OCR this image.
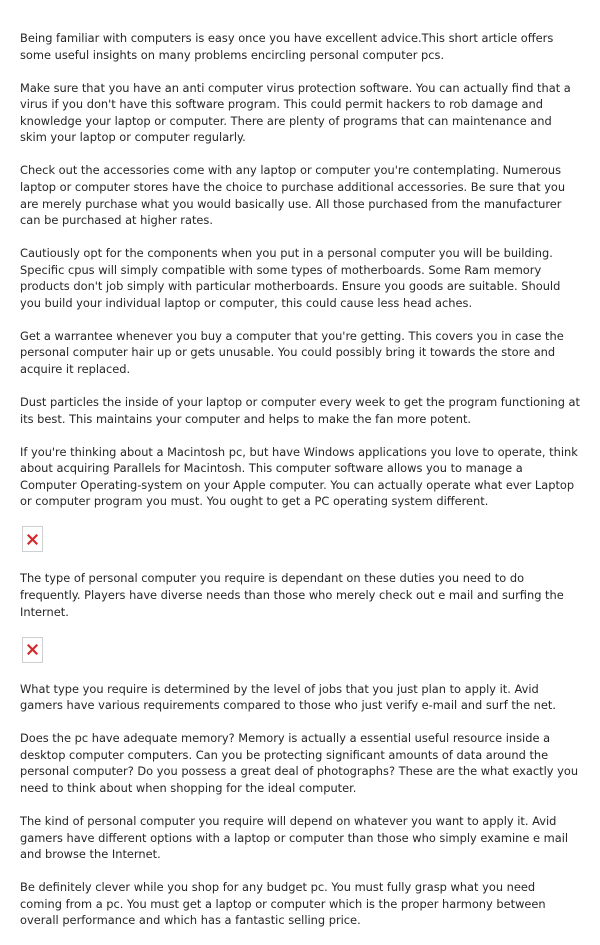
Being familiar with computers is easy once you have excellent advice.This short article offers some useful insights on many problems encircling personal computer pcs.

Make sure that you have an anti computer virus protection software. You can actually find that a virus if you don't have this software program. This could permit hackers to rob damage and knowledge your laptop or computer. There are plenty of programs that can maintenance and skim your laptop or computer regularly.

Check out the accessories come with any laptop or computer you're contemplating. Numerous laptop or computer stores have the choice to purchase additional accessories. Be sure that you are merely purchase what you would basically use. All those purchased from the manufacturer can be purchased at higher rates.

Cautiously opt for the components when you put in a personal computer you will be building. Specific cpus will simply compatible with some types of motherboards. Some Ram memory products don't job simply with particular motherboards. Ensure you goods are suitable. Should you build your individual laptop or computer, this could cause less head aches.

Get a warrantee whenever you buy a computer that you're getting. This covers you in case the personal computer hair up or gets unusable. You could possibly bring it towards the store and acquire it replaced.

Dust particles the inside of your laptop or computer every week to get the program functioning at its best. This maintains your computer and helps to make the fan more potent.

If you're thinking about a Macintosh pc, but have Windows applications you love to operate, think about acquiring Parallels for Macintosh. This computer software allows you to manage a Computer Operating-system on your Apple computer. You can actually operate what ever Laptop or computer program you must. You ought to get a PC operating system different.

The type of personal computer you require is dependant on these duties you need to do frequently. Players have diverse needs than those who merely check out e mail and surfing the Internet.

What type you require is determined by the level of jobs that you just plan to apply it. Avid gamers have various requirements compared to those who just verify e-mail and surf the net.

Does the pc have adequate memory? Memory is actually a essential useful resource inside a desktop computer computers. Can you be protecting significant amounts of data around the personal computer? Do you possess a great deal of photographs? These are the what exactly you need to think about when shopping for the ideal computer.

The kind of personal computer you require will depend on whatever you want to apply it. Avid gamers have different options with a laptop or computer than those who simply examine e mail and browse the Internet.

Be definitely clever while you shop for any budget pc. You must fully grasp what you need coming from a pc. You must get a laptop or computer which is the proper harmony between overall performance and which has a fantastic selling price.
